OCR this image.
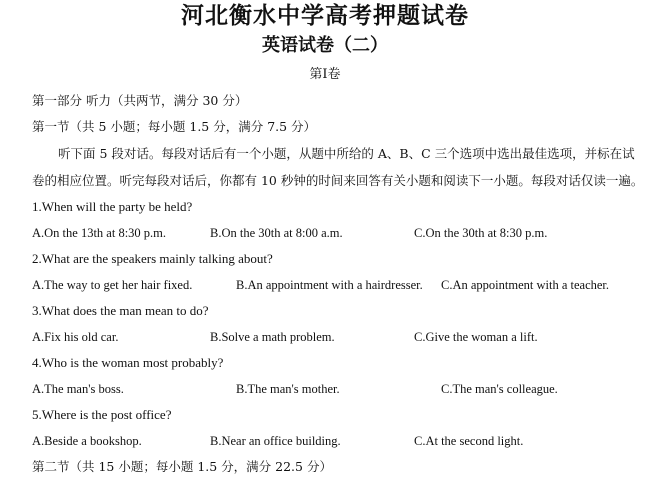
河北衡水中学高考押题试卷
英语试卷（二）
第Ⅰ卷
第一部分 听力（共两节，满分 30 分）
第一节（共 5 小题；每小题 1.5 分，满分 7.5 分）
听下面 5 段对话。每段对话后有一个小题，从题中所给的 A、B、C 三个选项中选出最佳选项，并标在试
卷的相应位置。听完每段对话后，你都有 10 秒钟的时间来回答有关小题和阅读下一小题。每段对话仅读一遍。
1.When will the party be held?
A.On the 13th at 8:30 p.m.	B.On the 30th at 8:00 a.m.	C.On the 30th at 8:30 p.m.
2.What are the speakers mainly talking about?
A.The way to get her hair fixed.	B.An appointment with a hairdresser. C.An appointment with a teacher.
3.What does the man mean to do?
A.Fix his old car.	B.Solve a math problem.	C.Give the woman a lift.
4.Who is the woman most probably?
A.The man's boss.	B.The man's mother.	C.The man's colleague.
5.Where is the post office?
A.Beside a bookshop.	B.Near an office building.	C.At the second light.
第二节（共 15 小题；每小题 1.5 分，满分 22.5 分）
